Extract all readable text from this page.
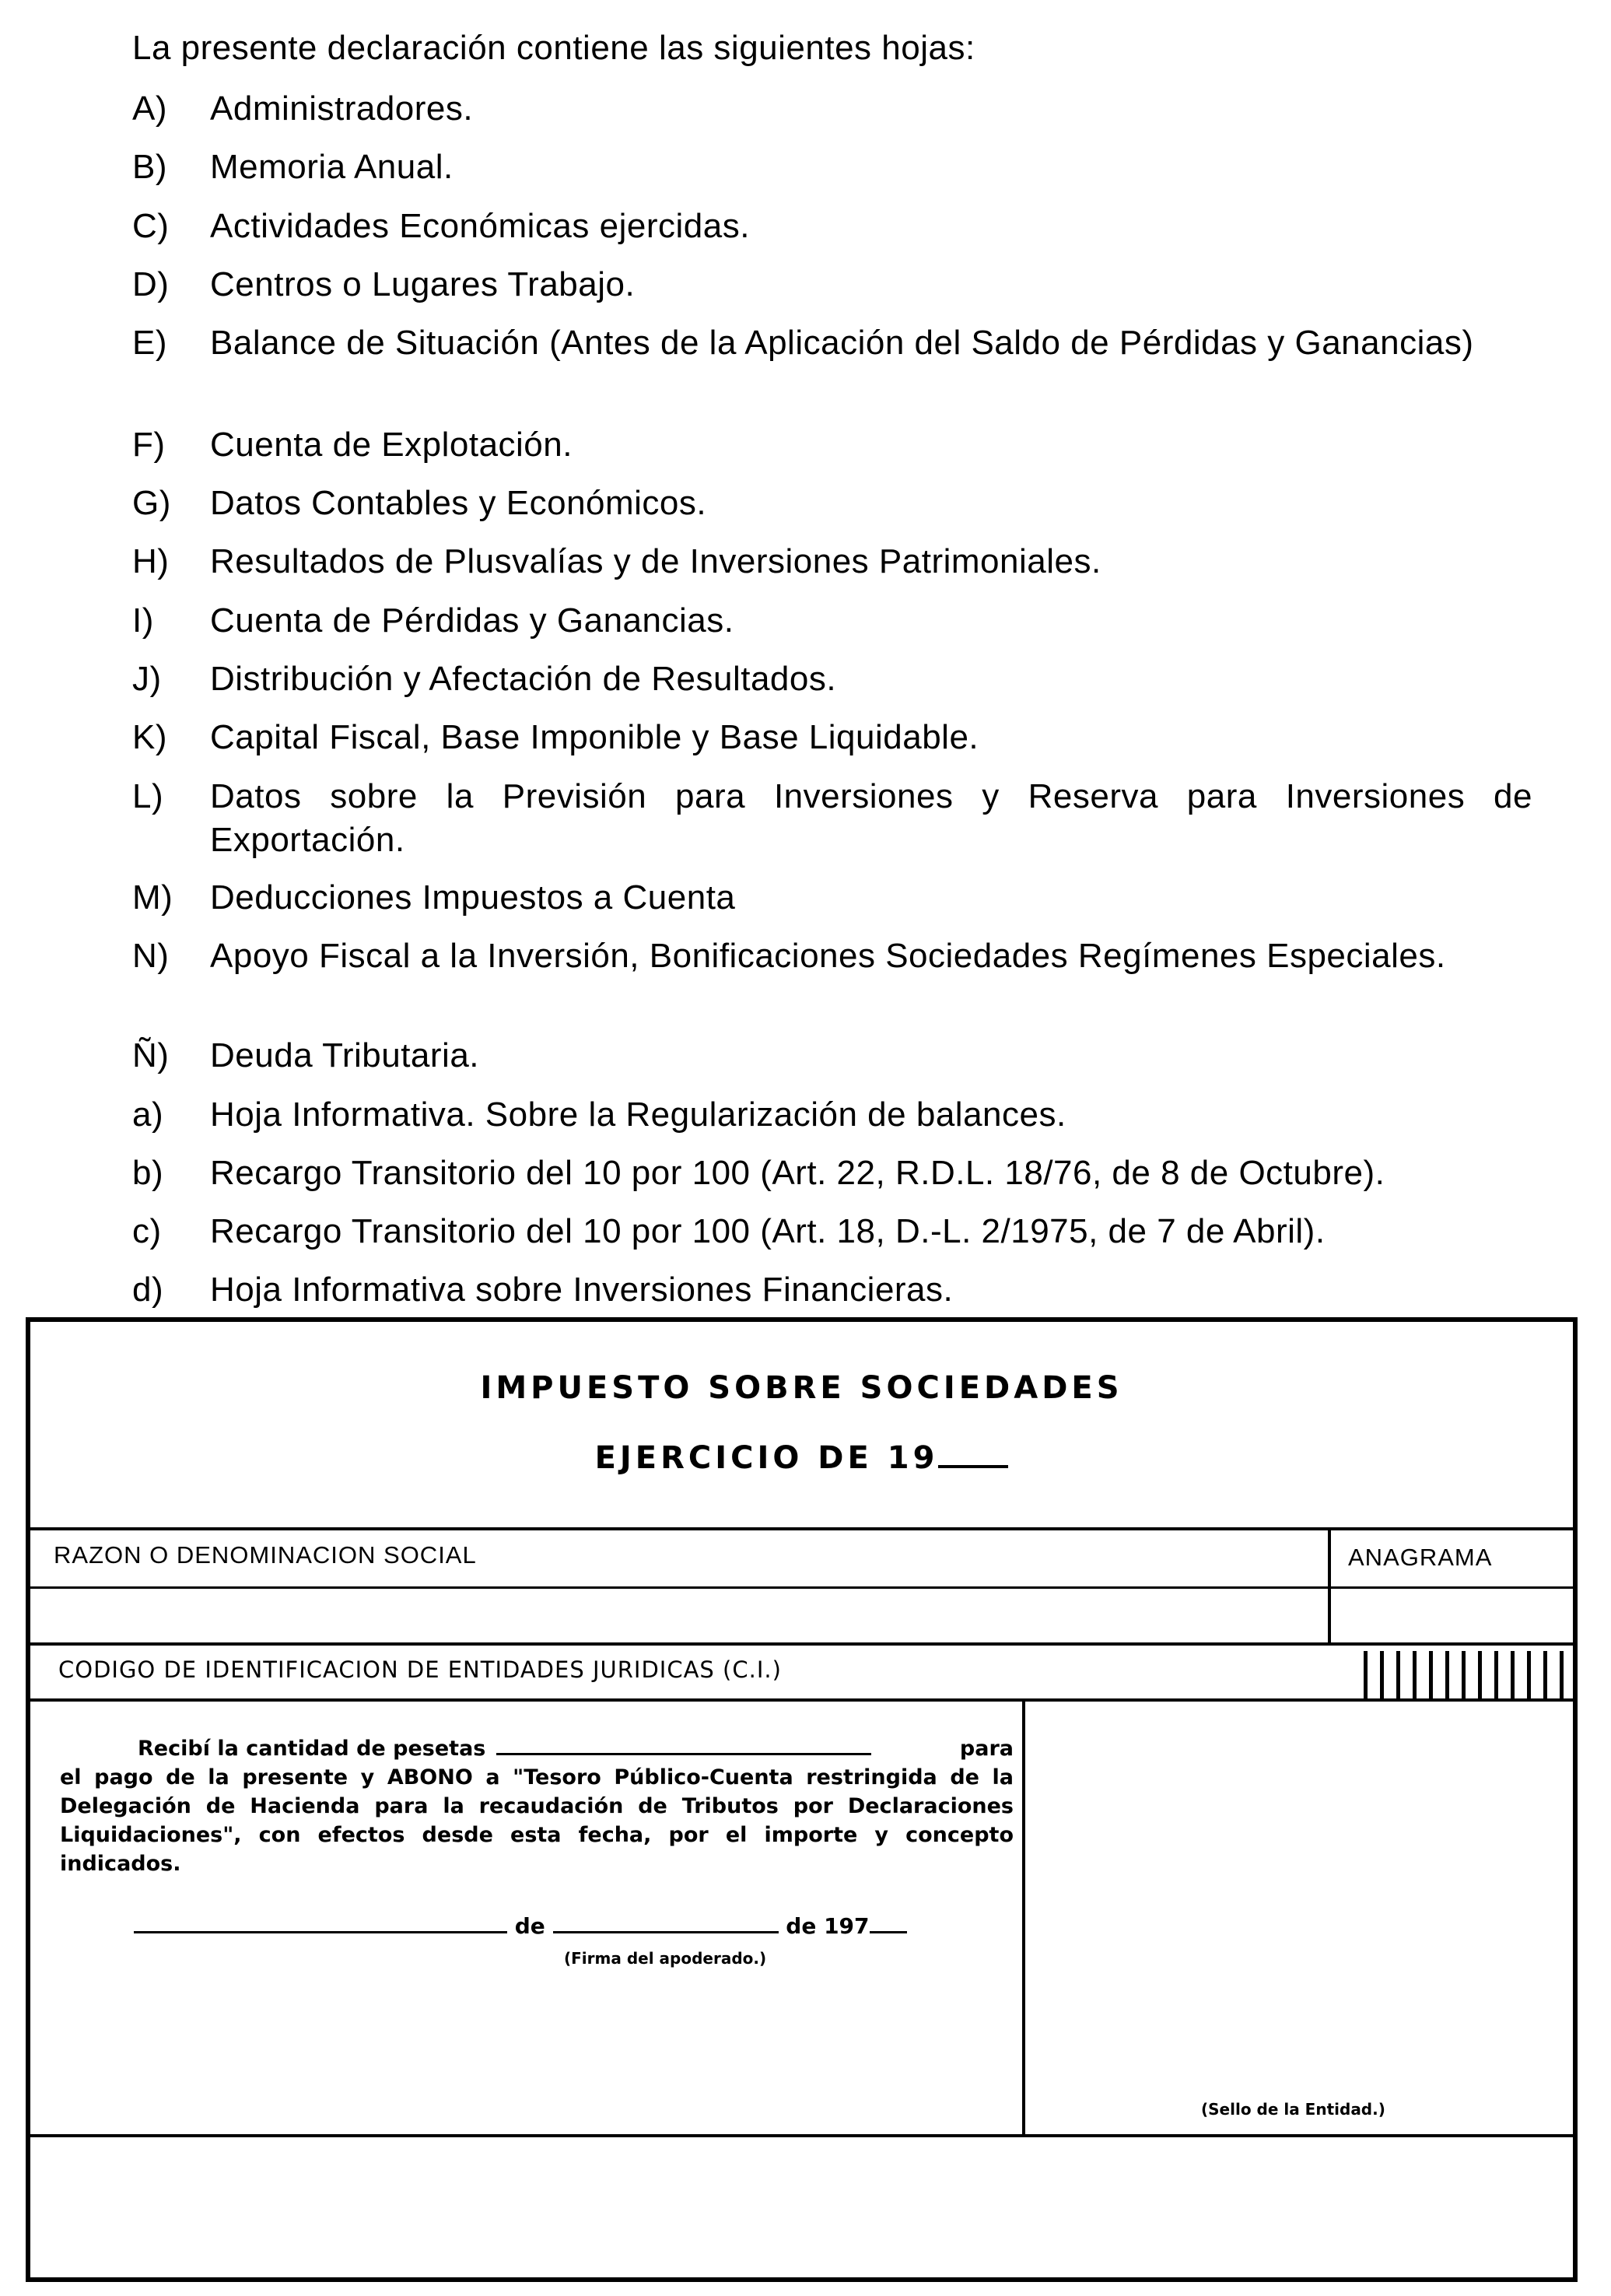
La presente declaración contiene las siguientes hojas:
A) Administradores.
B) Memoria Anual.
C) Actividades Económicas ejercidas.
D) Centros o Lugares Trabajo.
E) Balance de Situación (Antes de la Aplicación del Saldo de Pérdidas y Ganancias)
F) Cuenta de Explotación.
G) Datos Contables y Económicos.
H) Resultados de Plusvalías y de Inversiones Patrimoniales.
I) Cuenta de Pérdidas y Ganancias.
J) Distribución y Afectación de Resultados.
K) Capital Fiscal, Base Imponible y Base Liquidable.
L) Datos sobre la Previsión para Inversiones y Reserva para Inversiones de Exportación.
M) Deducciones Impuestos a Cuenta
N) Apoyo Fiscal a la Inversión, Bonificaciones Sociedades Regímenes Especiales.
Ñ) Deuda Tributaria.
a) Hoja Informativa. Sobre la Regularización de balances.
b) Recargo Transitorio del 10 por 100 (Art. 22, R.D.L. 18/76, de 8 de Octubre).
c) Recargo Transitorio del 10 por 100 (Art. 18, D.-L. 2/1975, de 7 de Abril).
d) Hoja Informativa sobre Inversiones Financieras.
IMPUESTO SOBRE SOCIEDADES
EJERCICIO DE 19
RAZON O DENOMINACION SOCIAL	ANAGRAMA
CODIGO DE IDENTIFICACION DE ENTIDADES JURIDICAS (C.I.)

Recibí la cantidad de pesetas	para

el pago de la presente y ABONO a "Tesoro Público-Cuenta restringida de la Delegación de Hacienda para la recaudación de Tributos por Declaraciones Liquidaciones", con efectos desde esta fecha, por el importe y concepto indicados.

de	de 197
(Firma del apoderado.)
(Sello de la Entidad.)
